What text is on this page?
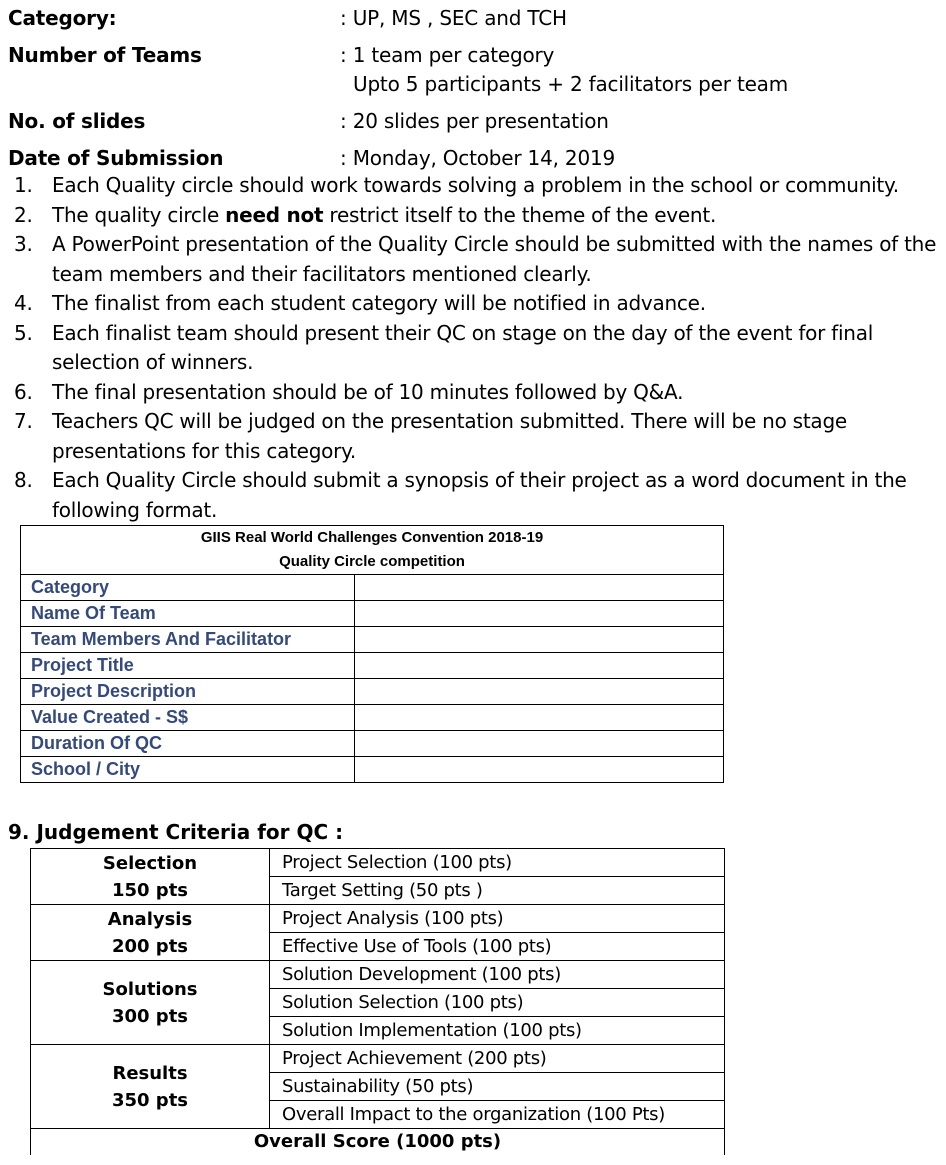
Category:	: UP, MS , SEC and TCH
Number of Teams	: 1 team per category
Upto 5 participants + 2 facilitators per team
No. of slides	: 20 slides per presentation
Date of Submission	: Monday, October 14, 2019
1. Each Quality circle should work towards solving a problem in the school or community.
2. The quality circle need not restrict itself to the theme of the event.
3. A PowerPoint presentation of the Quality Circle should be submitted with the names of the
team members and their facilitators mentioned clearly.
4. The finalist from each student category will be notified in advance.
5. Each finalist team should present their QC on stage on the day of the event for final
selection of winners.
6. The final presentation should be of 10 minutes followed by Q&A.
7. Teachers QC will be judged on the presentation submitted. There will be no stage
presentations for this category.
8. Each Quality Circle should submit a synopsis of their project as a word document in the
following format.
GIIS Real World Challenges Convention 2018-19
Quality Circle competition	

Category	
Name Of Team	
Team Members And Facilitator	
Project Title	
Project Description	
Value Created - S$	
Duration Of QC	
School / City	
9. Judgement Criteria for QC :
Selection
150 pts	Project Selection (100 pts)
	Target Setting (50 pts )

Analysis
200 pts	Project Analysis (100 pts)
	Effective Use of Tools (100 pts)

Solutions
300 pts	Solution Development (100 pts)
	Solution Selection (100 pts)
	Solution Implementation (100 pts)

Results
350 pts	Project Achievement (200 pts)
	Sustainability (50 pts)
	Overall Impact to the organization (100 Pts)
Overall Score (1000 pts)	
